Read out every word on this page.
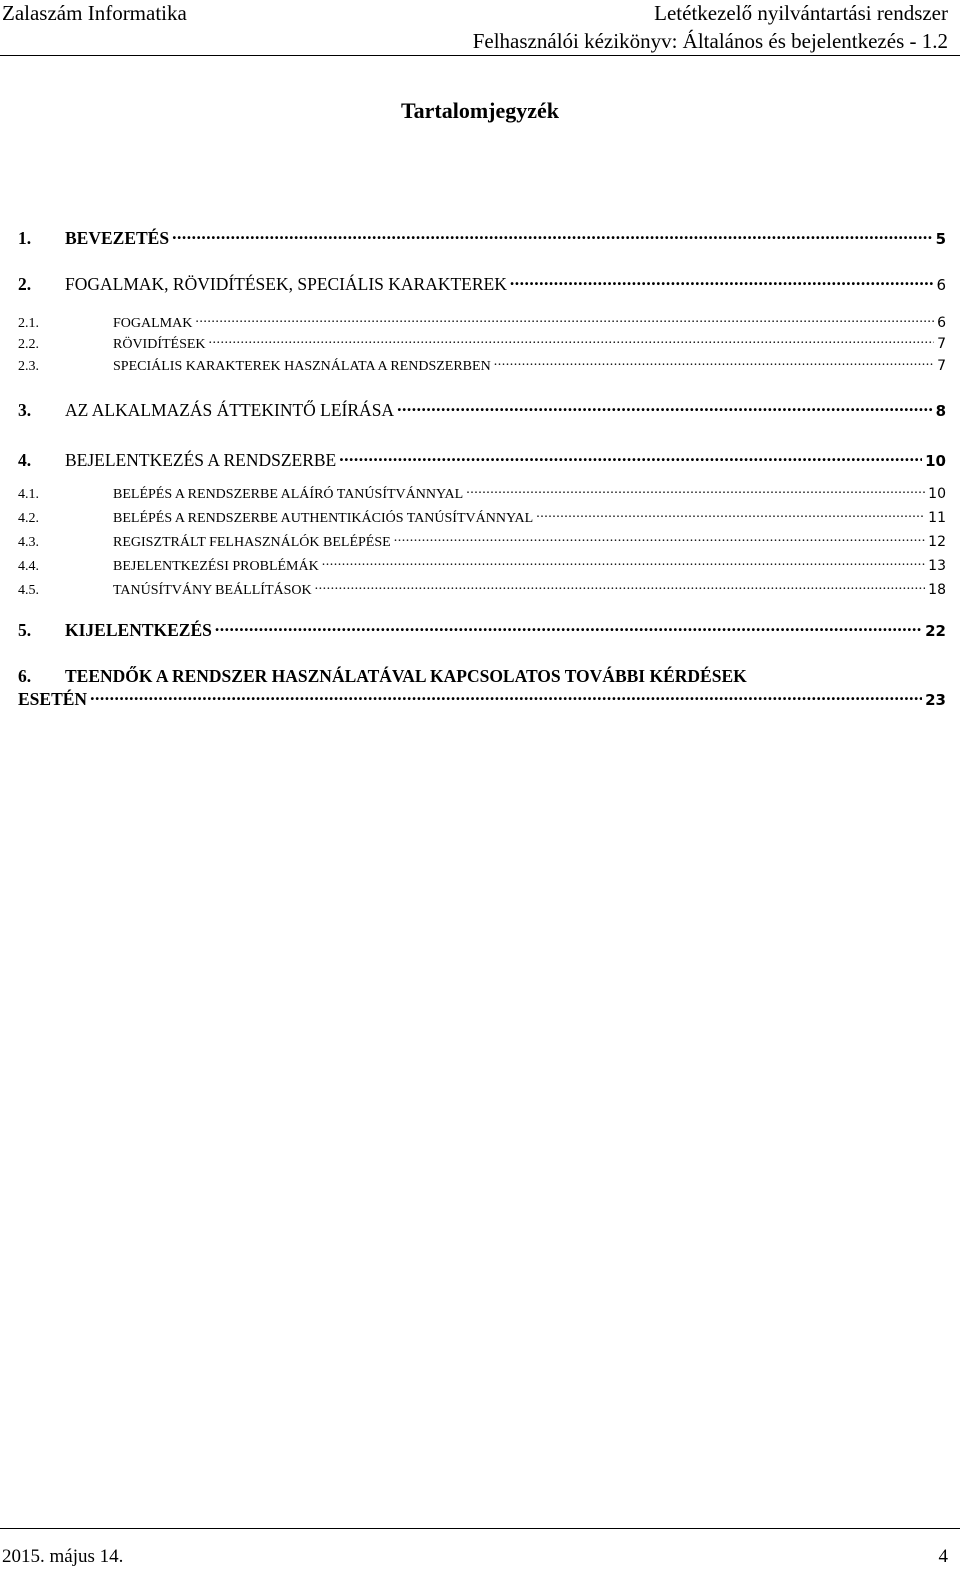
Zalaszám Informatika	Letétkezelő nyilvántartási rendszer
Felhasználói kézikönyv: Általános és bejelentkezés - 1.2
Tartalomjegyzék
1.	BEVEZETÉS .....	5
2.	FOGALMAK, RÖVIDÍTÉSEK, SPECIÁLIS KARAKTEREK .....	6
2.1.	FOGALMAK .....	6
2.2.	RÖVIDÍTÉSEK .....	7
2.3.	SPECIÁLIS KARAKTEREK HASZNÁLATA A RENDSZERBEN .....	7
3.	AZ ALKALMAZÁS ÁTTEKINTŐ LEÍRÁSA .....	8
4.	BEJELENTKEZÉS A RENDSZERBE .....	10
4.1.	BELÉPÉS A RENDSZERBE ALÁÍRÓ TANÚSÍTVÁNNYAL .....	10
4.2.	BELÉPÉS A RENDSZERBE AUTHENTIKÁCIÓS TANÚSÍTVÁNNYAL .....	11
4.3.	REGISZTRÁLT FELHASZNÁLÓK BELÉPÉSE .....	12
4.4.	BEJELENTKEZÉSI PROBLÉMÁK .....	13
4.5.	TANÚSÍTVÁNY BEÁLLÍTÁSOK .....	18
5.	KIJELENTKEZÉS .....	22
6. TEENDŐK A RENDSZER HASZNÁLATÁVAL KAPCSOLATOS TOVÁBBI KÉRDÉSEK
ESETÉN .....	23
2015. május 14.	4
